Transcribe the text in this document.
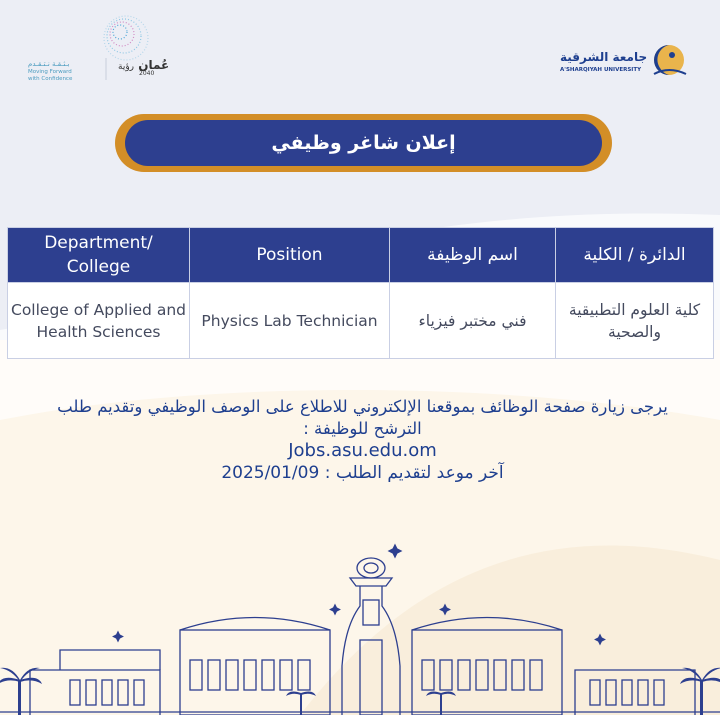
بـثـقـة نـتـقـدم
Moving Forward
with Confidence
عُمان رؤية
2040
جامعة الشرقية
A'SHARQIYAH UNIVERSITY
إعلان شاغر وظيفي
Department/ College	Position	اسم الوظيفة	الدائرة / الكلية
College of Applied and Health Sciences	Physics Lab Technician	فني مختبر فيزياء	كلية العلوم التطبيقية والصحية
يرجى زيارة صفحة الوظائف بموقعنا الإلكتروني للاطلاع على الوصف الوظيفي وتقديم طلب الترشح للوظيفة :
Jobs.asu.edu.om
آخر موعد لتقديم الطلب : 2025/01/09
